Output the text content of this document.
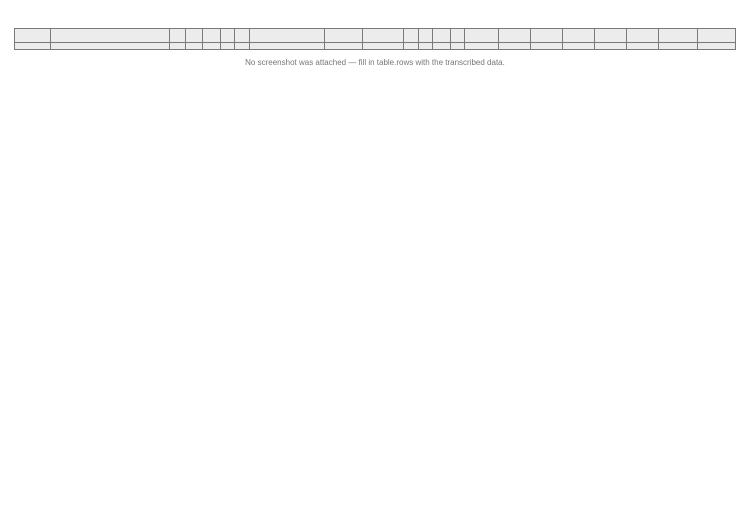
No screenshot was attached — fill in table.rows with the transcribed data.
